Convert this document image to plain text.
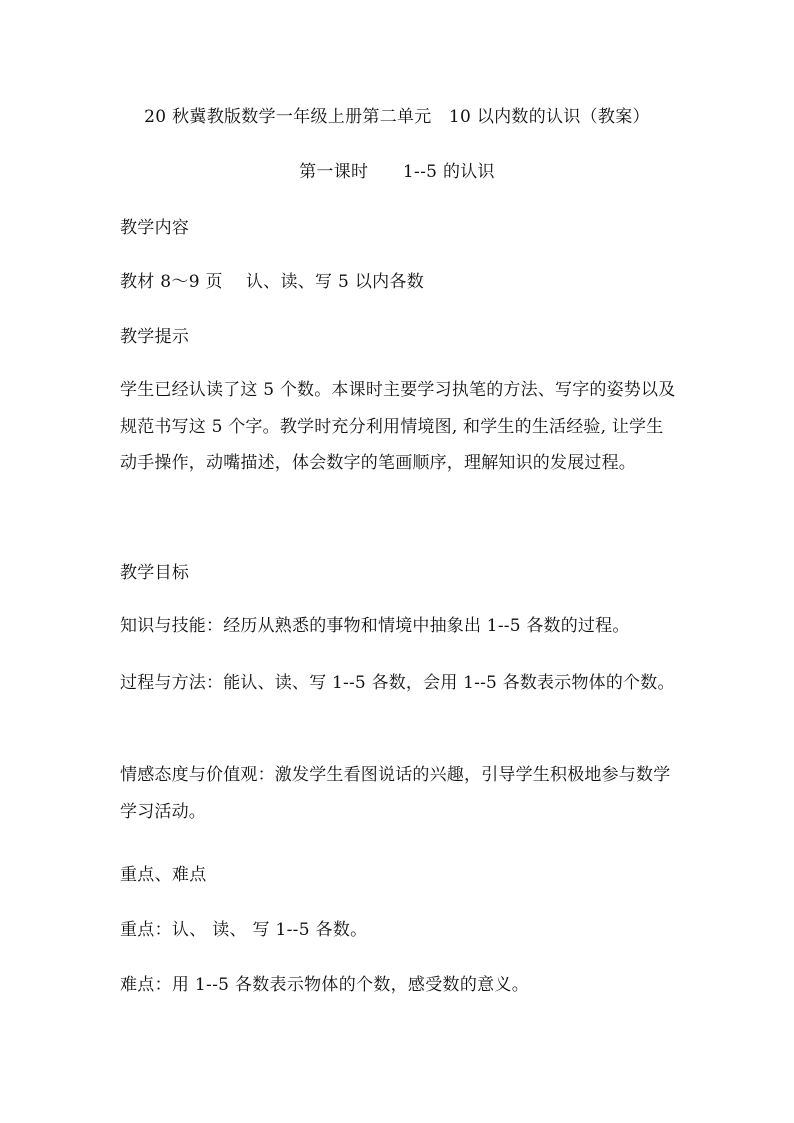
20 秋冀教版数学一年级上册第二单元　10 以内数的认识（教案）
第一课时　　1--5 的认识
教学内容
教材 8～9 页　 认、读、写 5 以内各数
教学提示
学生已经认读了这 5 个数。本课时主要学习执笔的方法、写字的姿势以及规范书写这 5 个字。教学时充分利用情境图, 和学生的生活经验, 让学生动手操作，动嘴描述，体会数字的笔画顺序，理解知识的发展过程。
教学目标
知识与技能：经历从熟悉的事物和情境中抽象出 1--5 各数的过程。
过程与方法：能认、读、写 1--5 各数，会用 1--5 各数表示物体的个数。
情感态度与价值观：激发学生看图说话的兴趣，引导学生积极地参与数学学习活动。
重点、难点
重点：认、 读、 写 1--5 各数。
难点：用 1--5 各数表示物体的个数，感受数的意义。
